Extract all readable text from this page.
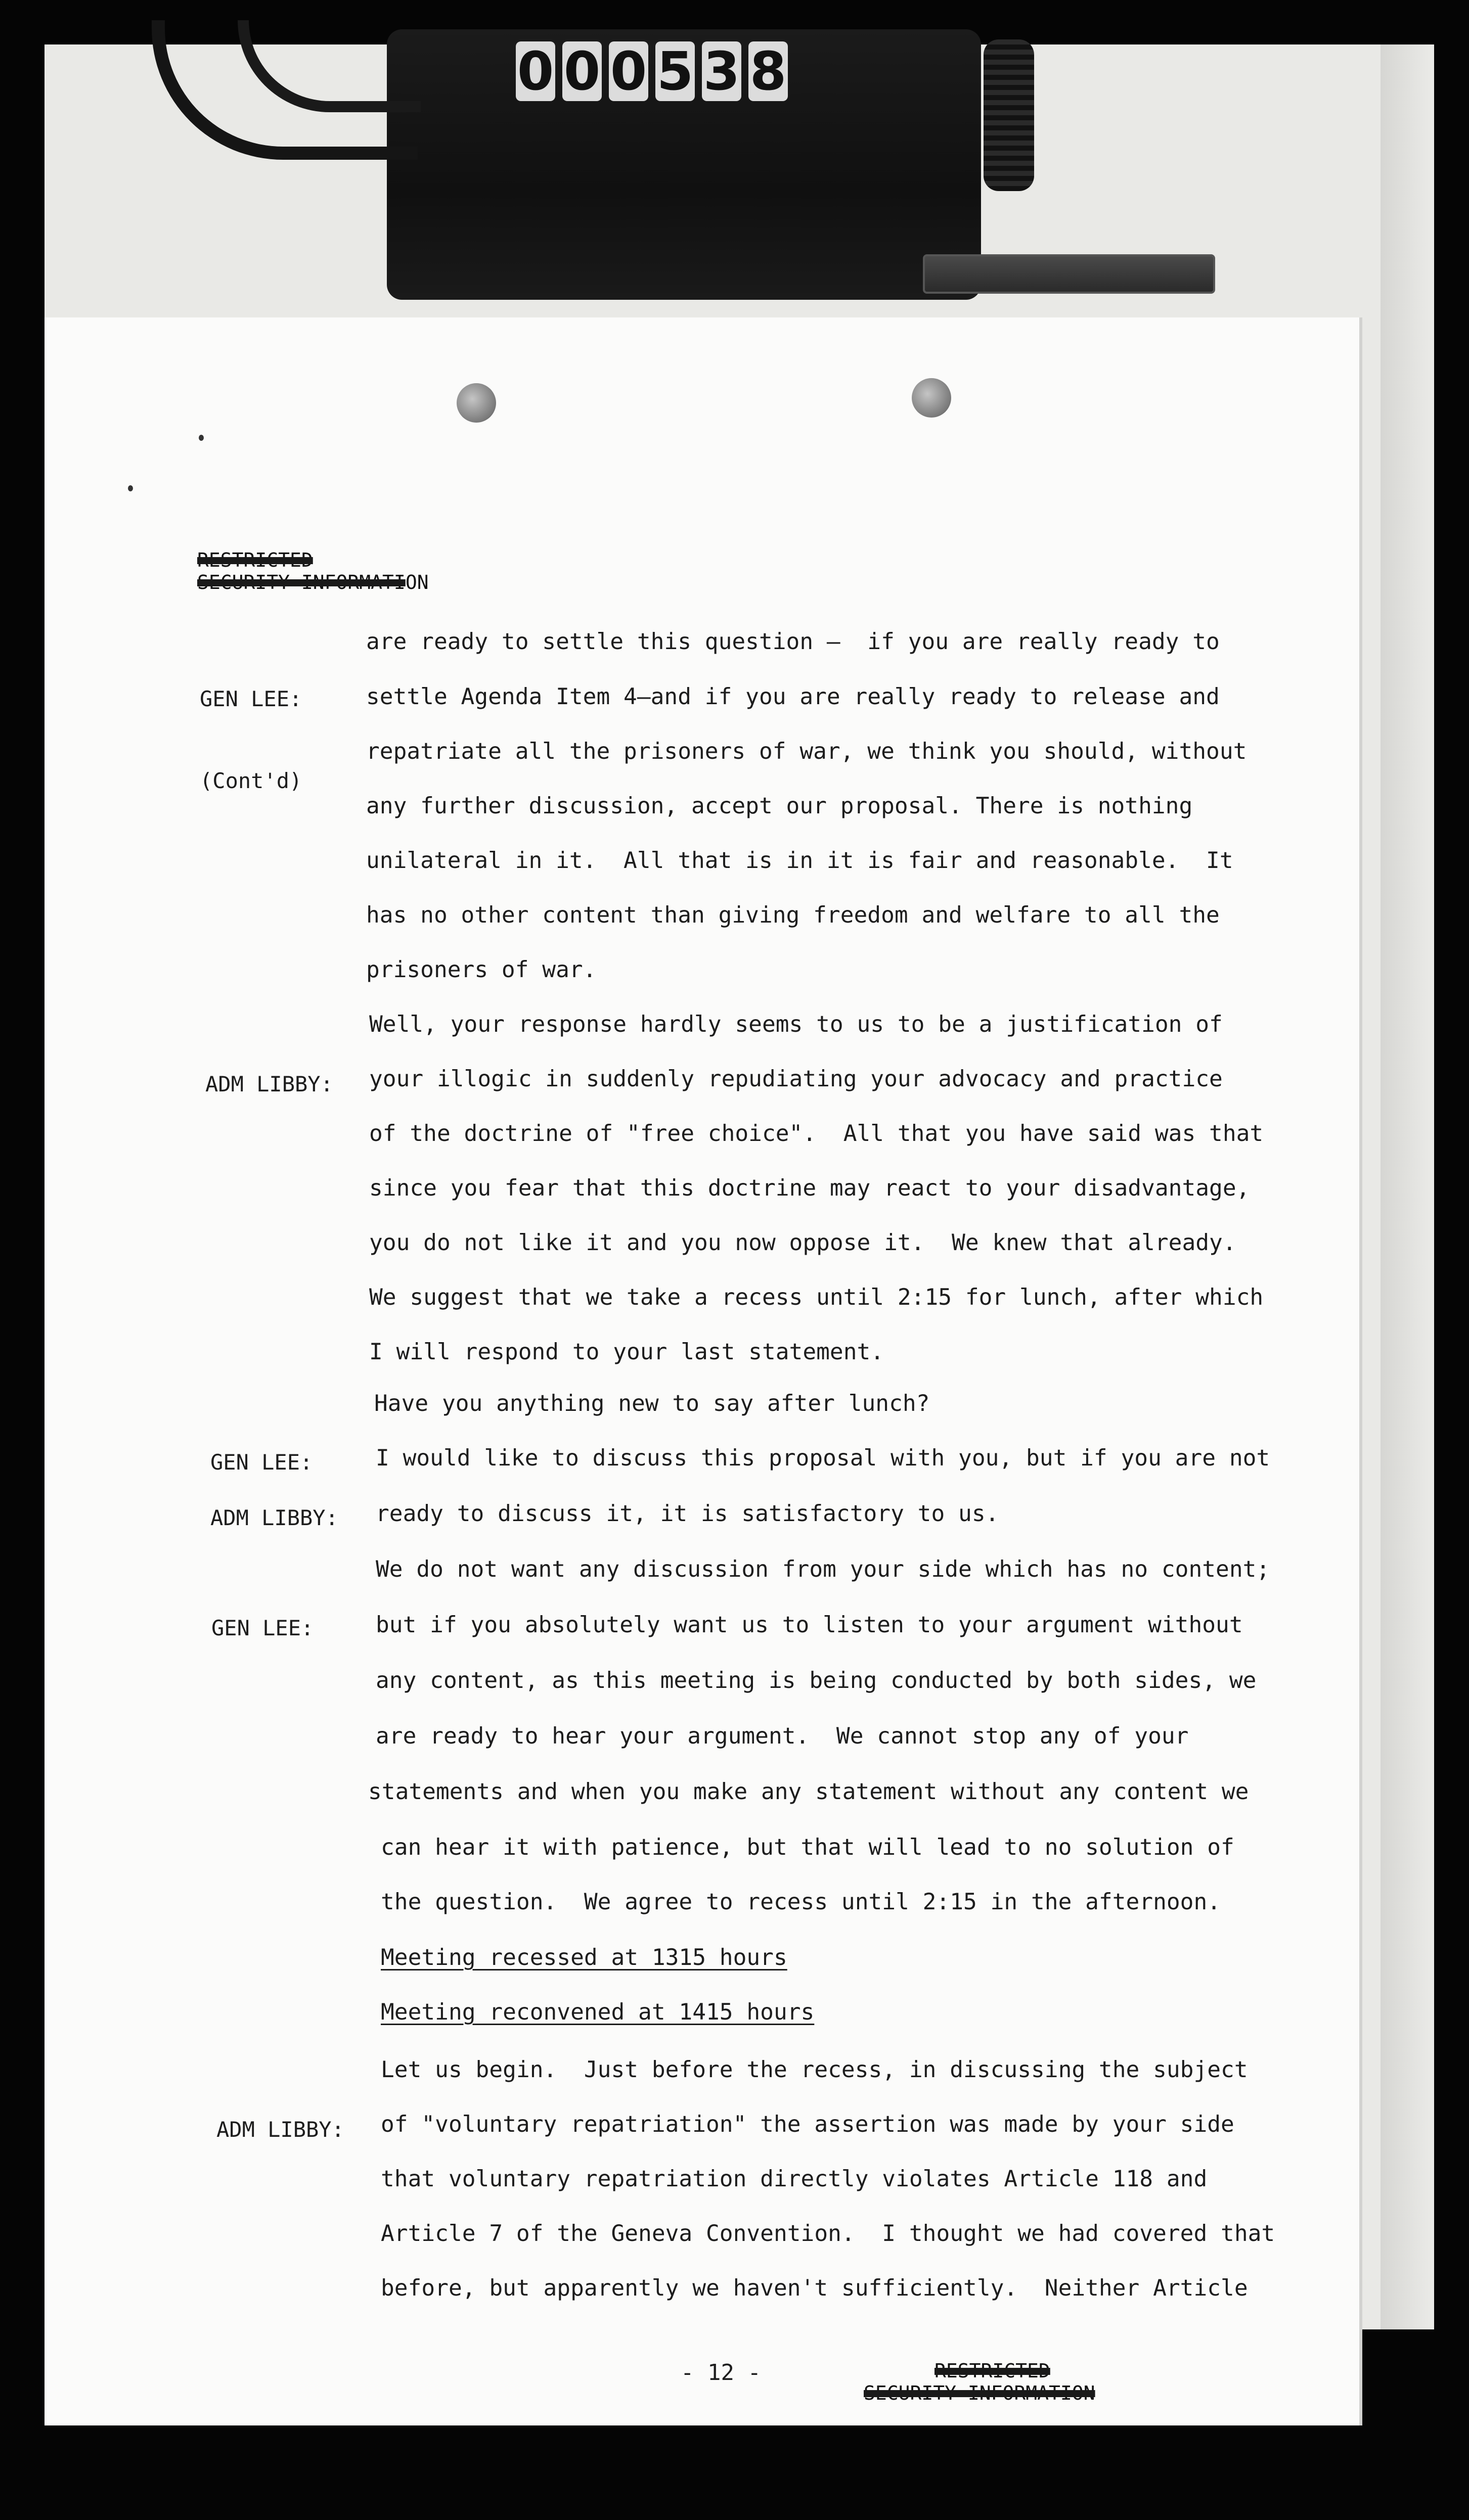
0 0 0 5 3 8
RESTRICTED
SECURITY INFORMATION

GEN LEE:

(Cont'd)

are ready to settle this question —  if you are really ready to
settle Agenda Item 4—and if you are really ready to release and
repatriate all the prisoners of war, we think you should, without
any further discussion, accept our proposal. There is nothing
unilateral in it.  All that is in it is fair and reasonable.  It
has no other content than giving freedom and welfare to all the
prisoners of war.

ADM LIBBY:

Well, your response hardly seems to us to be a justification of
your illogic in suddenly repudiating your advocacy and practice
of the doctrine of "free choice".  All that you have said was that
since you fear that this doctrine may react to your disadvantage,
you do not like it and you now oppose it.  We knew that already.
We suggest that we take a recess until 2:15 for lunch, after which
I will respond to your last statement.

GEN LEE:

Have you anything new to say after lunch?

ADM LIBBY:

I would like to discuss this proposal with you, but if you are not
ready to discuss it, it is satisfactory to us.

GEN LEE:

We do not want any discussion from your side which has no content;
but if you absolutely want us to listen to your argument without
any content, as this meeting is being conducted by both sides, we
are ready to hear your argument.  We cannot stop any of your
statements and when you make any statement without any content we
can hear it with patience, but that will lead to no solution of
the question.  We agree to recess until 2:15 in the afternoon.
Meeting recessed at 1315 hours
Meeting reconvened at 1415 hours

ADM LIBBY:

Let us begin.  Just before the recess, in discussing the subject
of "voluntary repatriation" the assertion was made by your side
that voluntary repatriation directly violates Article 118 and
Article 7 of the Geneva Convention.  I thought we had covered that
before, but apparently we haven't sufficiently.  Neither Article
- 12 -	RESTRICTED
SECURITY INFORMATION
